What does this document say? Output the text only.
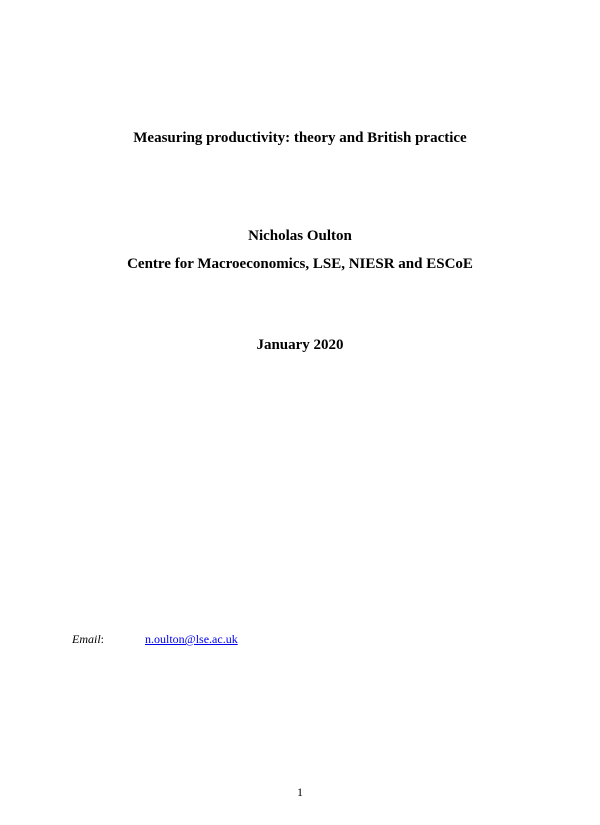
Measuring productivity: theory and British practice
Nicholas Oulton
Centre for Macroeconomics, LSE, NIESR and ESCoE
January 2020
Email:	n.oulton@lse.ac.uk
1
